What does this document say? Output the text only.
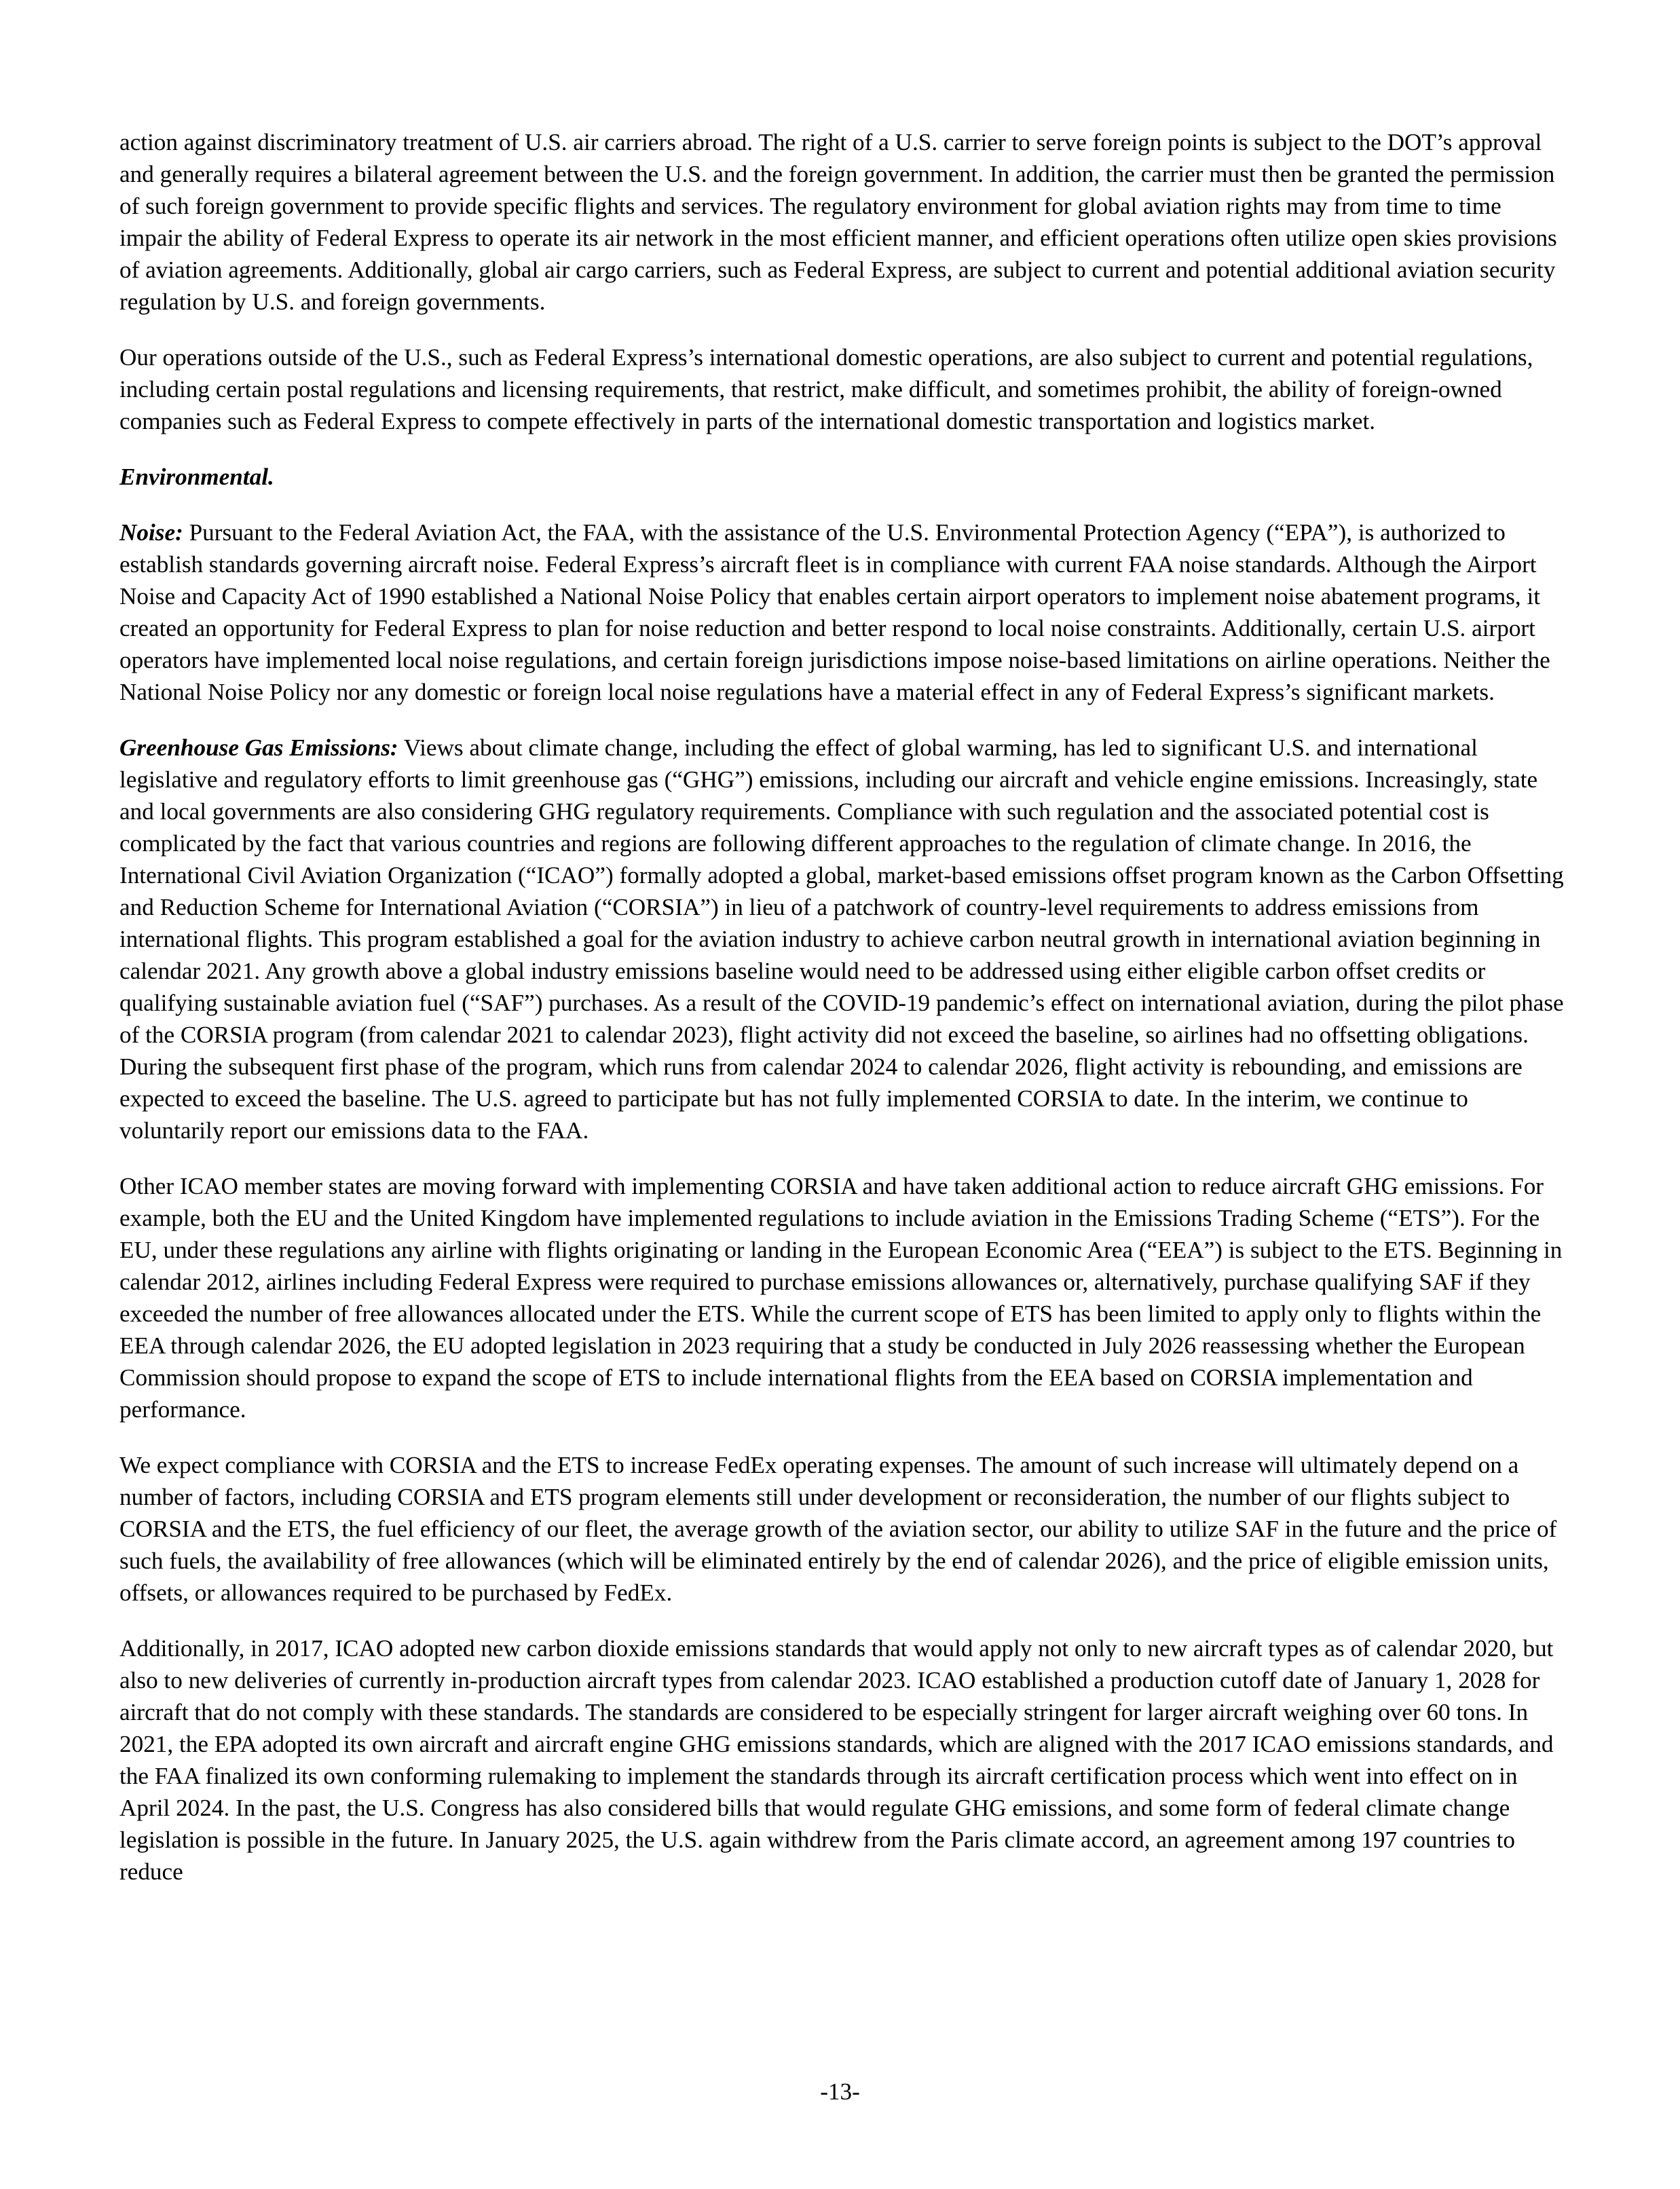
action against discriminatory treatment of U.S. air carriers abroad. The right of a U.S. carrier to serve foreign points is subject to the DOT’s approval and generally requires a bilateral agreement between the U.S. and the foreign government. In addition, the carrier must then be granted the permission of such foreign government to provide specific flights and services. The regulatory environment for global aviation rights may from time to time impair the ability of Federal Express to operate its air network in the most efficient manner, and efficient operations often utilize open skies provisions of aviation agreements. Additionally, global air cargo carriers, such as Federal Express, are subject to current and potential additional aviation security regulation by U.S. and foreign governments.

Our operations outside of the U.S., such as Federal Express’s international domestic operations, are also subject to current and potential regulations, including certain postal regulations and licensing requirements, that restrict, make difficult, and sometimes prohibit, the ability of foreign-owned companies such as Federal Express to compete effectively in parts of the international domestic transportation and logistics market.

Environmental.

Noise: Pursuant to the Federal Aviation Act, the FAA, with the assistance of the U.S. Environmental Protection Agency (“EPA”), is authorized to establish standards governing aircraft noise. Federal Express’s aircraft fleet is in compliance with current FAA noise standards. Although the Airport Noise and Capacity Act of 1990 established a National Noise Policy that enables certain airport operators to implement noise abatement programs, it created an opportunity for Federal Express to plan for noise reduction and better respond to local noise constraints. Additionally, certain U.S. airport operators have implemented local noise regulations, and certain foreign jurisdictions impose noise-based limitations on airline operations. Neither the National Noise Policy nor any domestic or foreign local noise regulations have a material effect in any of Federal Express’s significant markets.

Greenhouse Gas Emissions: Views about climate change, including the effect of global warming, has led to significant U.S. and international legislative and regulatory efforts to limit greenhouse gas (“GHG”) emissions, including our aircraft and vehicle engine emissions. Increasingly, state and local governments are also considering GHG regulatory requirements. Compliance with such regulation and the associated potential cost is complicated by the fact that various countries and regions are following different approaches to the regulation of climate change. In 2016, the International Civil Aviation Organization (“ICAO”) formally adopted a global, market-based emissions offset program known as the Carbon Offsetting and Reduction Scheme for International Aviation (“CORSIA”) in lieu of a patchwork of country-level requirements to address emissions from international flights. This program established a goal for the aviation industry to achieve carbon neutral growth in international aviation beginning in calendar 2021. Any growth above a global industry emissions baseline would need to be addressed using either eligible carbon offset credits or qualifying sustainable aviation fuel (“SAF”) purchases. As a result of the COVID-19 pandemic’s effect on international aviation, during the pilot phase of the CORSIA program (from calendar 2021 to calendar 2023), flight activity did not exceed the baseline, so airlines had no offsetting obligations. During the subsequent first phase of the program, which runs from calendar 2024 to calendar 2026, flight activity is rebounding, and emissions are expected to exceed the baseline. The U.S. agreed to participate but has not fully implemented CORSIA to date. In the interim, we continue to voluntarily report our emissions data to the FAA.

Other ICAO member states are moving forward with implementing CORSIA and have taken additional action to reduce aircraft GHG emissions. For example, both the EU and the United Kingdom have implemented regulations to include aviation in the Emissions Trading Scheme (“ETS”). For the EU, under these regulations any airline with flights originating or landing in the European Economic Area (“EEA”) is subject to the ETS. Beginning in calendar 2012, airlines including Federal Express were required to purchase emissions allowances or, alternatively, purchase qualifying SAF if they exceeded the number of free allowances allocated under the ETS. While the current scope of ETS has been limited to apply only to flights within the EEA through calendar 2026, the EU adopted legislation in 2023 requiring that a study be conducted in July 2026 reassessing whether the European Commission should propose to expand the scope of ETS to include international flights from the EEA based on CORSIA implementation and performance.

We expect compliance with CORSIA and the ETS to increase FedEx operating expenses. The amount of such increase will ultimately depend on a number of factors, including CORSIA and ETS program elements still under development or reconsideration, the number of our flights subject to CORSIA and the ETS, the fuel efficiency of our fleet, the average growth of the aviation sector, our ability to utilize SAF in the future and the price of such fuels, the availability of free allowances (which will be eliminated entirely by the end of calendar 2026), and the price of eligible emission units, offsets, or allowances required to be purchased by FedEx.

Additionally, in 2017, ICAO adopted new carbon dioxide emissions standards that would apply not only to new aircraft types as of calendar 2020, but also to new deliveries of currently in-production aircraft types from calendar 2023. ICAO established a production cutoff date of January 1, 2028 for aircraft that do not comply with these standards. The standards are considered to be especially stringent for larger aircraft weighing over 60 tons. In 2021, the EPA adopted its own aircraft and aircraft engine GHG emissions standards, which are aligned with the 2017 ICAO emissions standards, and the FAA finalized its own conforming rulemaking to implement the standards through its aircraft certification process which went into effect on in April 2024. In the past, the U.S. Congress has also considered bills that would regulate GHG emissions, and some form of federal climate change legislation is possible in the future. In January 2025, the U.S. again withdrew from the Paris climate accord, an agreement among 197 countries to reduce

-13-
